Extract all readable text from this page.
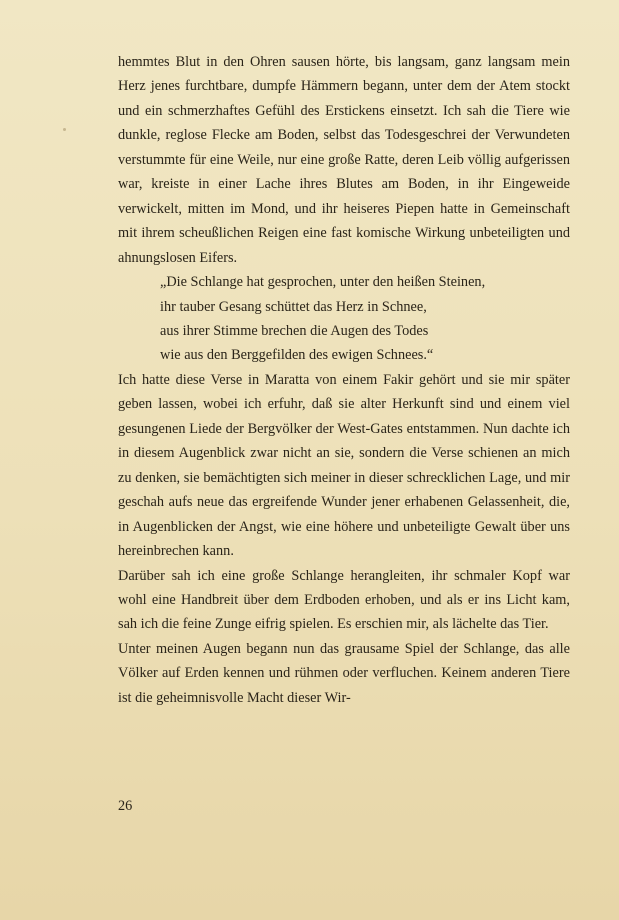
hemmtes Blut in den Ohren sausen hörte, bis langsam, ganz langsam mein Herz jenes furchtbare, dumpfe Hämmern begann, unter dem der Atem stockt und ein schmerzhaftes Gefühl des Erstickens einsetzt. Ich sah die Tiere wie dunkle, reglose Flecke am Boden, selbst das Todesgeschrei der Verwundeten verstummte für eine Weile, nur eine große Ratte, deren Leib völlig aufgerissen war, kreiste in einer Lache ihres Blutes am Boden, in ihr Eingeweide verwickelt, mitten im Mond, und ihr heiseres Piepen hatte in Gemeinschaft mit ihrem scheußlichen Reigen eine fast komische Wirkung unbeteiligten und ahnungslosen Eifers.

„Die Schlange hat gesprochen, unter den heißen Steinen,
ihr tauber Gesang schüttet das Herz in Schnee,
aus ihrer Stimme brechen die Augen des Todes
wie aus den Berggefilden des ewigen Schnees.“

Ich hatte diese Verse in Maratta von einem Fakir gehört und sie mir später geben lassen, wobei ich erfuhr, daß sie alter Herkunft sind und einem viel gesungenen Liede der Bergvölker der West-Gates entstammen. Nun dachte ich in diesem Augenblick zwar nicht an sie, sondern die Verse schienen an mich zu denken, sie bemächtigten sich meiner in dieser schrecklichen Lage, und mir geschah aufs neue das ergreifende Wunder jener erhabenen Gelassenheit, die, in Augenblicken der Angst, wie eine höhere und unbeteiligte Gewalt über uns hereinbrechen kann.

Darüber sah ich eine große Schlange herangleiten, ihr schmaler Kopf war wohl eine Handbreit über dem Erdboden erhoben, und als er ins Licht kam, sah ich die feine Zunge eifrig spielen. Es erschien mir, als lächelte das Tier.

Unter meinen Augen begann nun das grausame Spiel der Schlange, das alle Völker auf Erden kennen und rühmen oder verfluchen. Keinem anderen Tiere ist die geheimnisvolle Macht dieser Wir-

26
